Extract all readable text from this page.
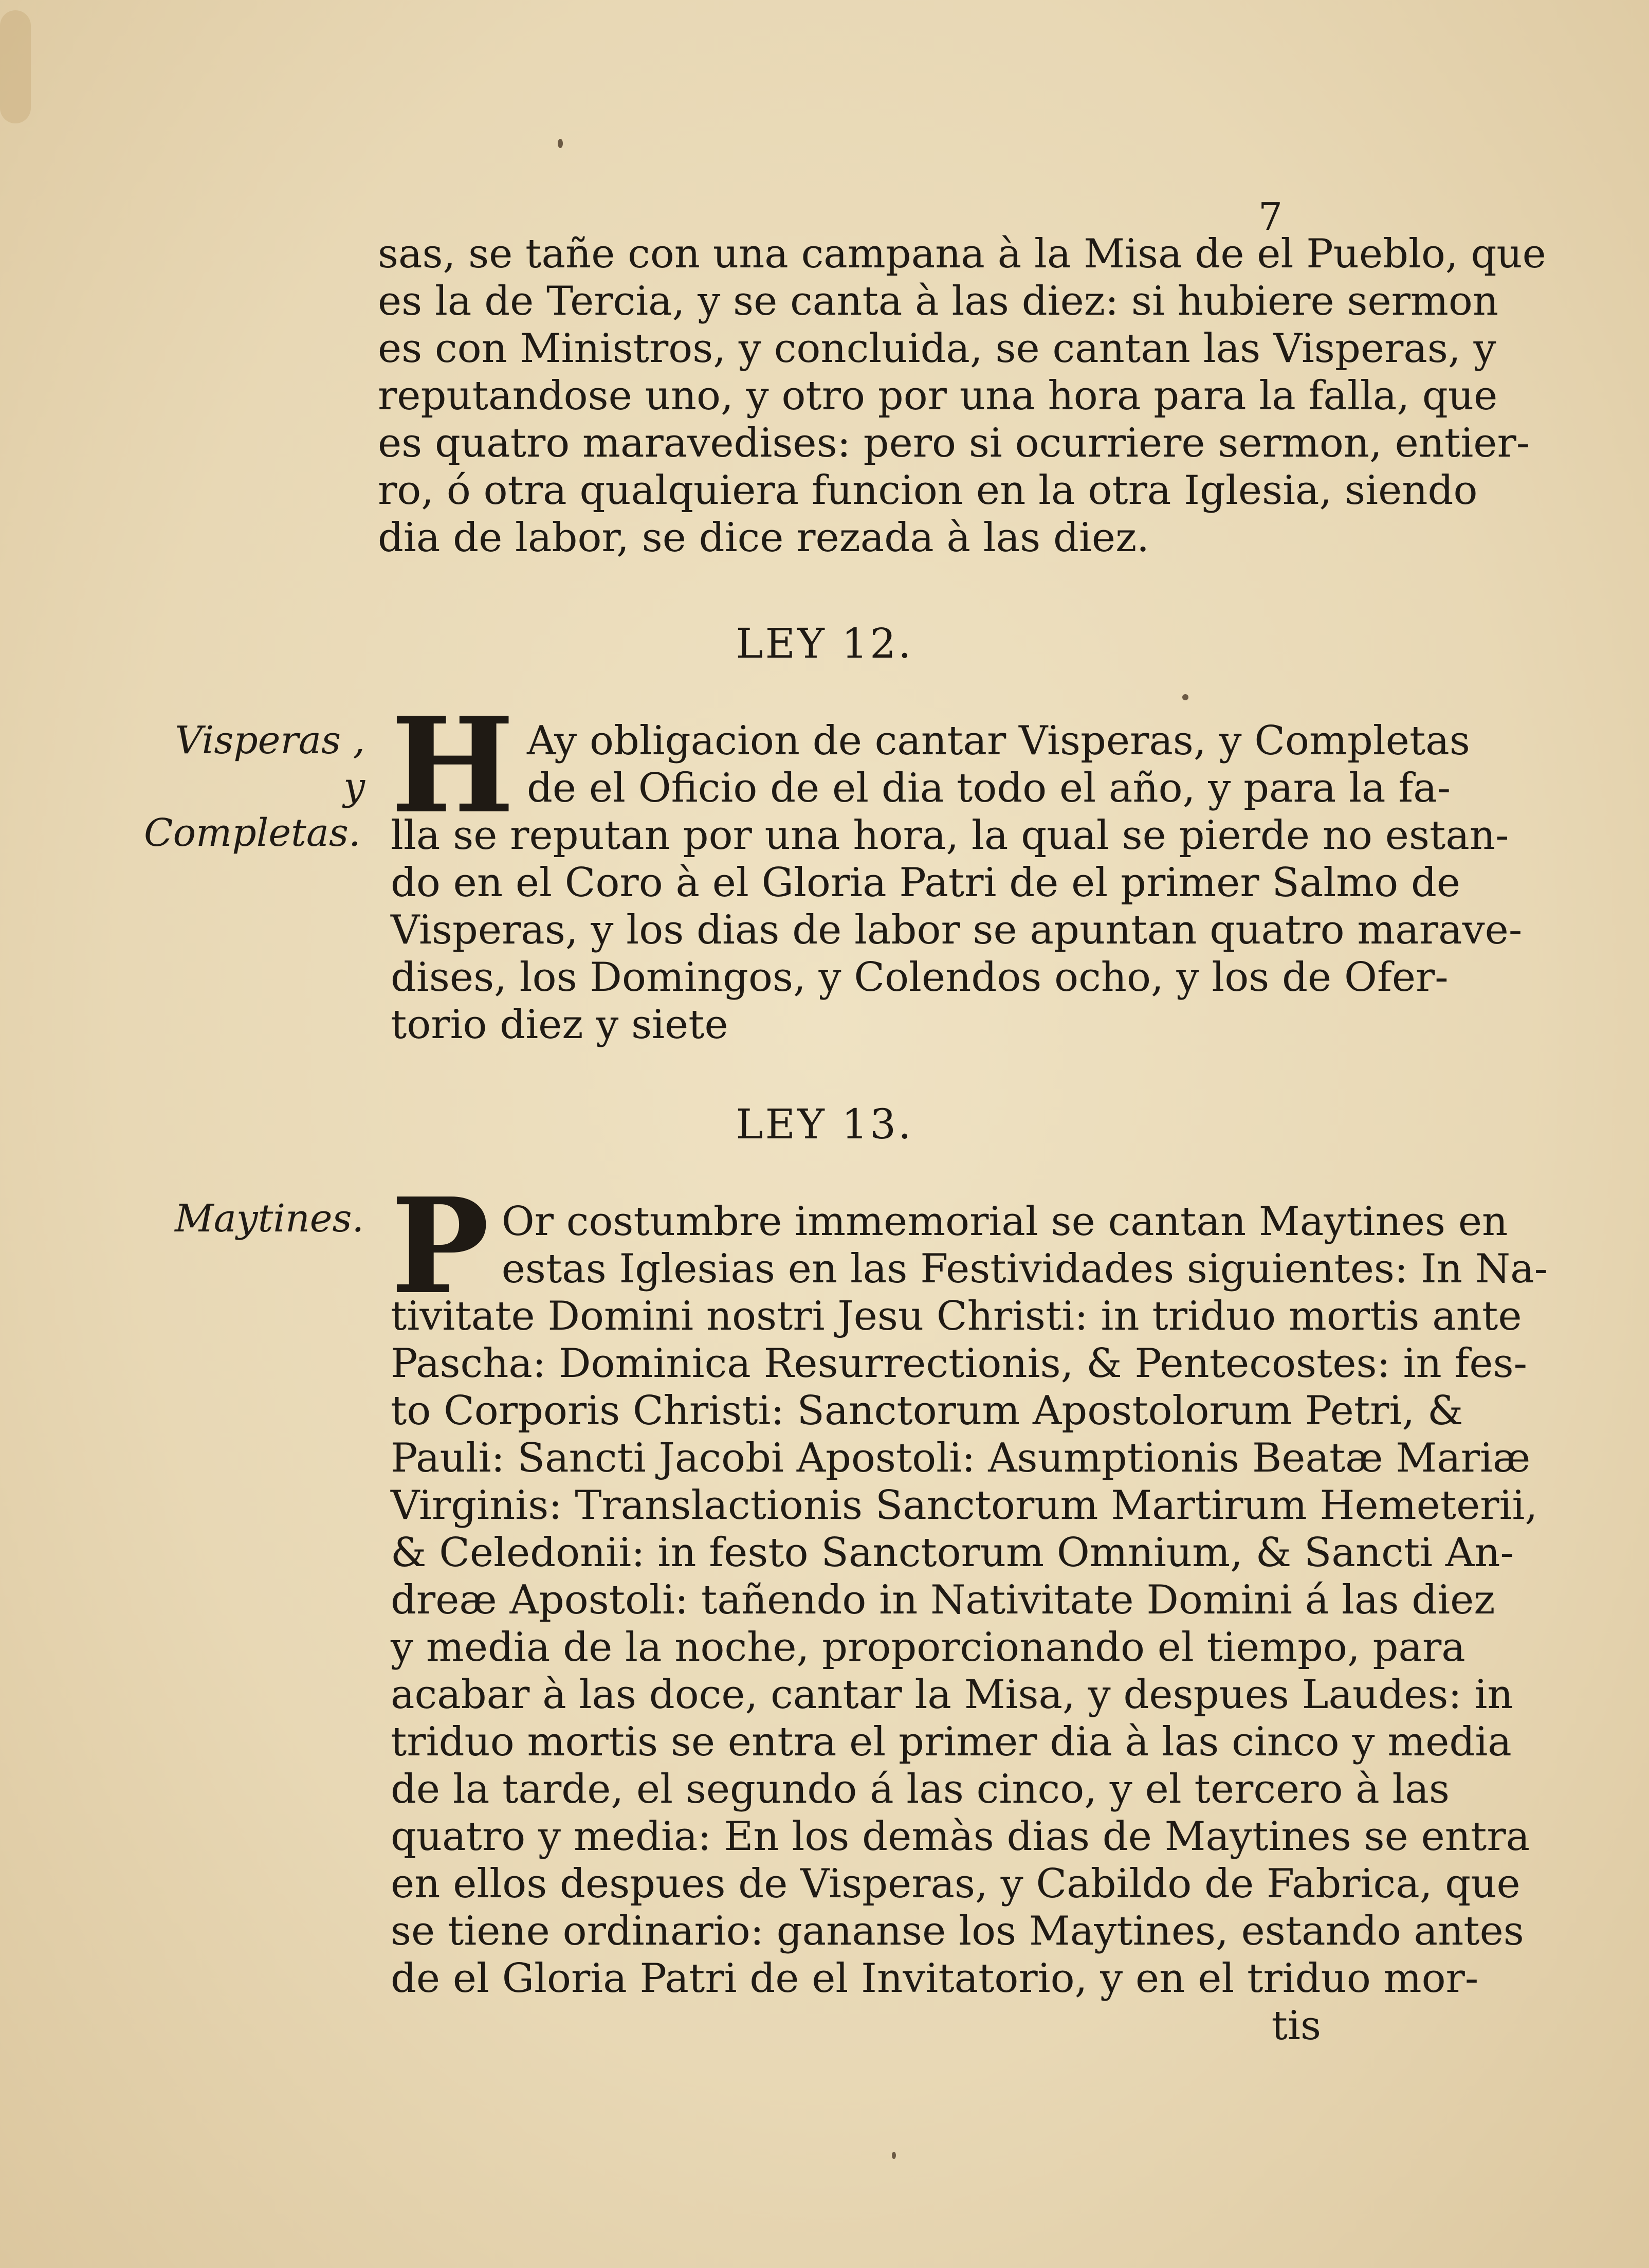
7
sas, se tañe con una campana à la Misa de el Pueblo, que
es la de Tercia, y se canta à las diez: si hubiere sermon
es con Ministros, y concluida, se cantan las Visperas, y
reputandose uno, y otro por una hora para la falla, que
es quatro maravedises: pero si ocurriere sermon, entier-
ro, ó otra qualquiera funcion en la otra Iglesia, siendo
dia de labor, se dice rezada à las diez.
LEY 12.
Visperas , y
Completas. H Ay obligacion de cantar Visperas, y Completas
de el Oficio de el dia todo el año, y para la fa-
lla se reputan por una hora, la qual se pierde no estan-
do en el Coro à el Gloria Patri de el primer Salmo de
Visperas, y los dias de labor se apuntan quatro marave-
dises, los Domingos, y Colendos ocho, y los de Ofer-
torio diez y siete
LEY 13.
Maytines. P Or costumbre immemorial se cantan Maytines en
estas Iglesias en las Festividades siguientes: In Na-
tivitate Domini nostri Jesu Christi: in triduo mortis ante
Pascha: Dominica Resurrectionis, & Pentecostes: in fes-
to Corporis Christi: Sanctorum Apostolorum Petri, &
Pauli: Sancti Jacobi Apostoli: Asumptionis Beatæ Mariæ
Virginis: Translactionis Sanctorum Martirum Hemeterii,
& Celedonii: in festo Sanctorum Omnium, & Sancti An-
dreæ Apostoli: tañendo in Nativitate Domini á las diez
y media de la noche, proporcionando el tiempo, para
acabar à las doce, cantar la Misa, y despues Laudes: in
triduo mortis se entra el primer dia à las cinco y media
de la tarde, el segundo á las cinco, y el tercero à las
quatro y media: En los demàs dias de Maytines se entra
en ellos despues de Visperas, y Cabildo de Fabrica, que
se tiene ordinario: gananse los Maytines, estando antes
de el Gloria Patri de el Invitatorio, y en el triduo mor-
tis
